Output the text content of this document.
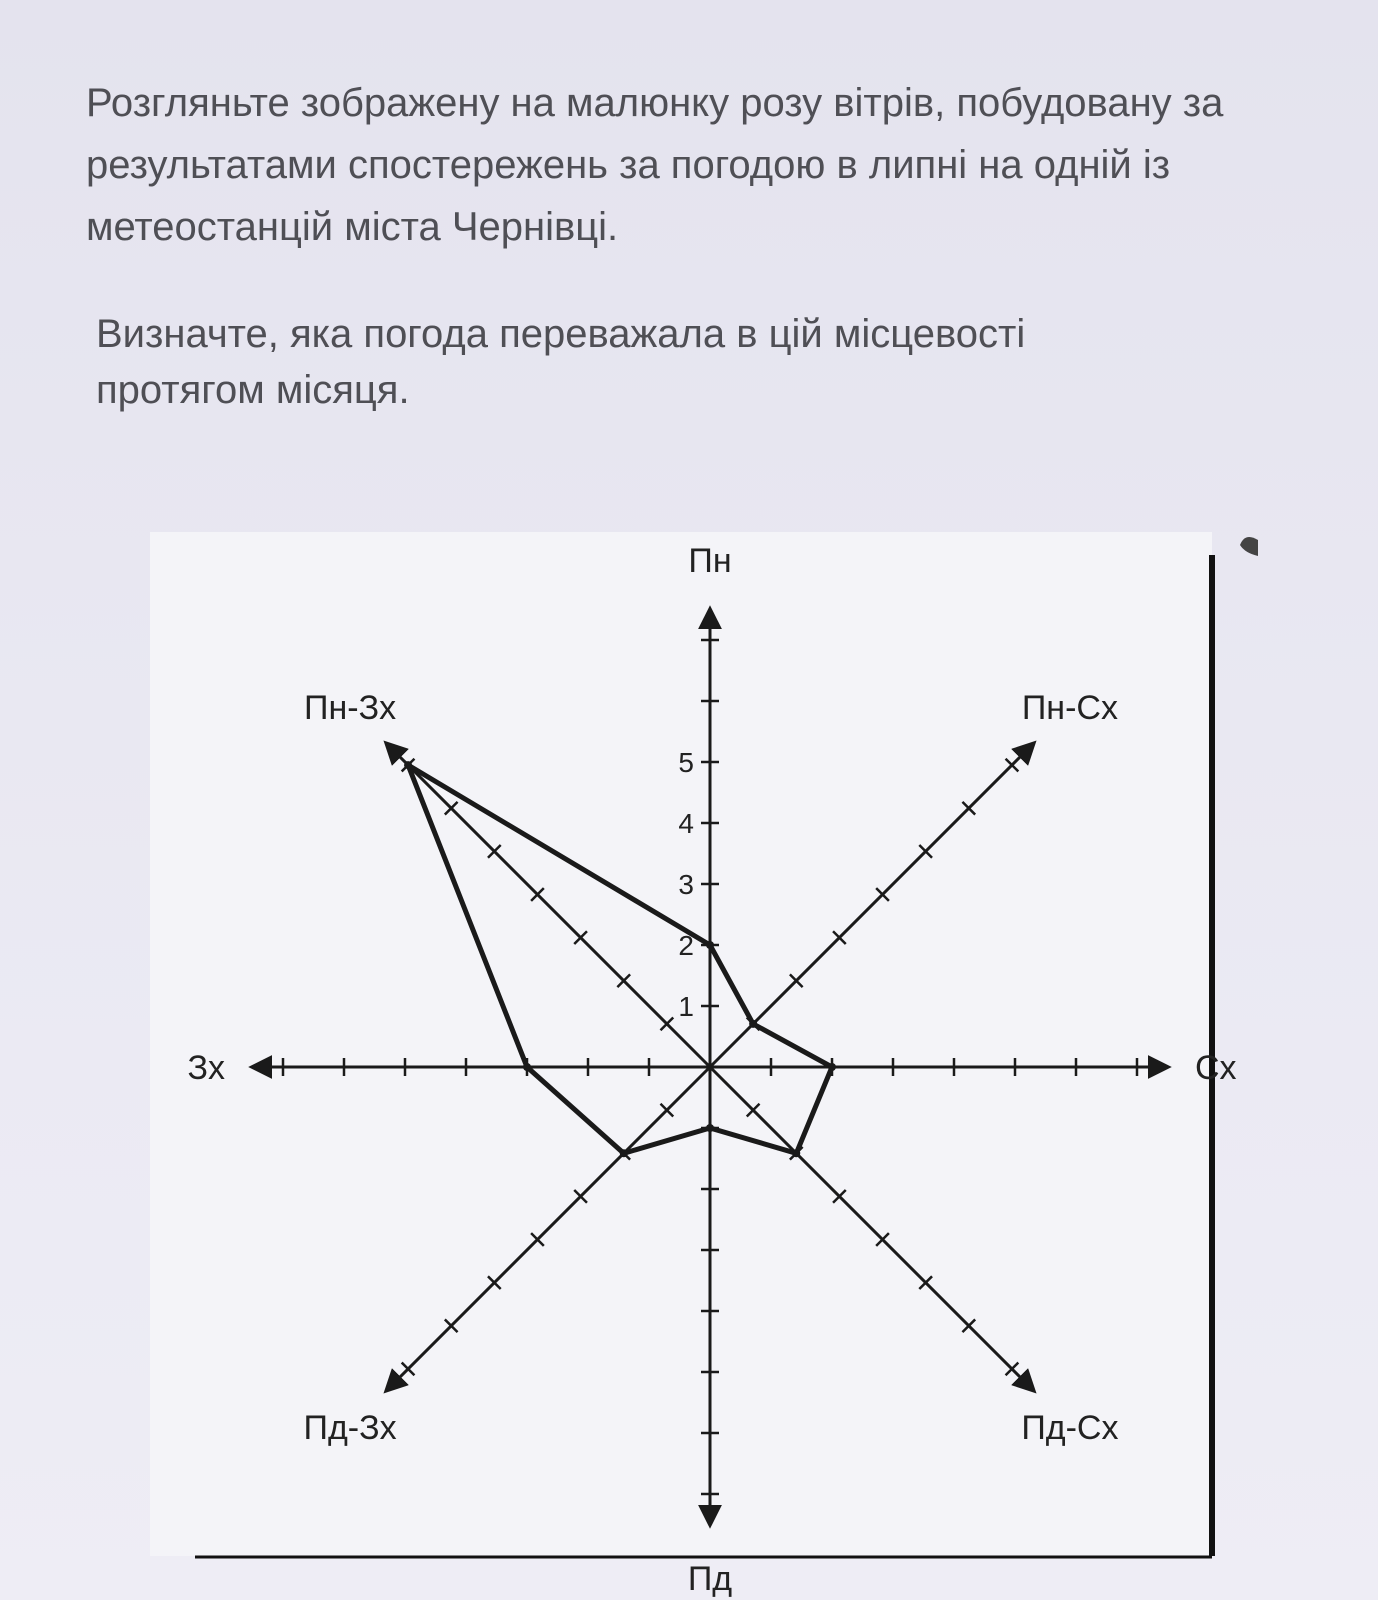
Розгляньте зображену на малюнку розу вітрів, побудовану за результатами спостережень за погодою в липні на одній із метеостанцій міста Чернівці.

Визначте, яка погода переважала в цій місцевості протягом місяця.

1
2
3
4
5
Пн
Пн-Сх
Сх
Пд-Сх
Пд
Пд-Зх
Зх
Пн-Зх
